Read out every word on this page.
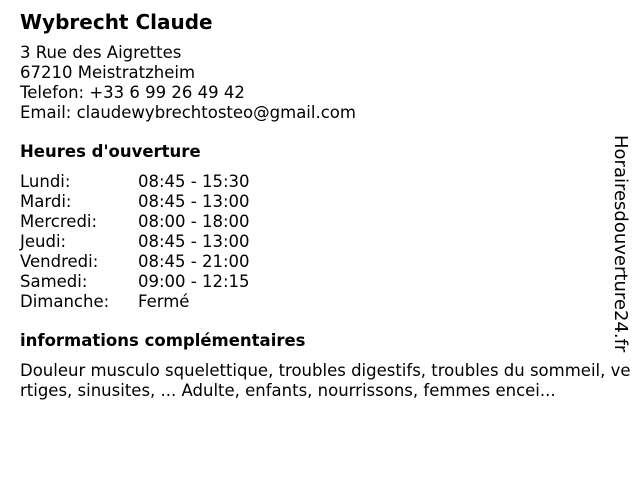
Wybrecht Claude
3 Rue des Aigrettes
67210 Meistratzheim
Telefon: +33 6 99 26 49 42
Email: claudewybrechtosteo@gmail.com
Heures d'ouverture
Lundi:	08:45 - 15:30
Mardi:	08:45 - 13:00
Mercredi:	08:00 - 18:00
Jeudi:	08:45 - 13:00
Vendredi:	08:45 - 21:00
Samedi:	09:00 - 12:15
Dimanche:	Fermé
informations complémentaires
Douleur musculo squelettique, troubles digestifs, troubles du sommeil, vertiges, sinusites, ... Adulte, enfants, nourrissons, femmes encei...
Horairesdouverture24.fr
